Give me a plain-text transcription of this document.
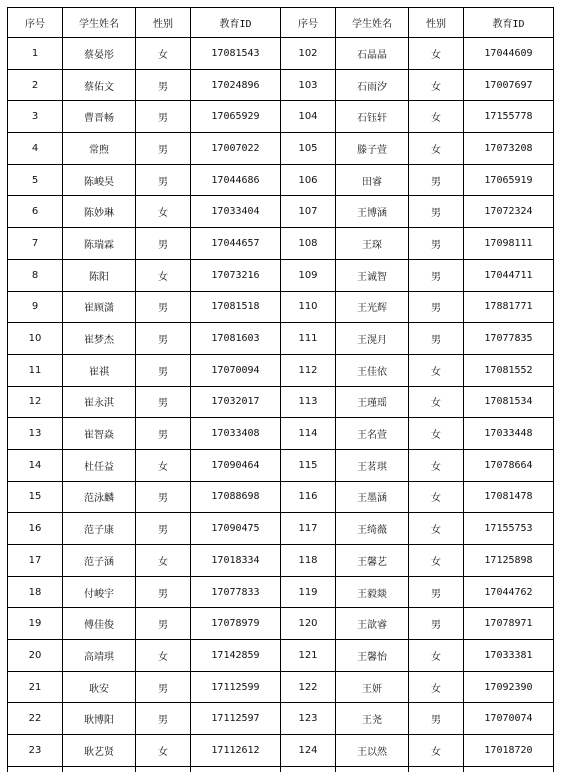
序号	学生姓名	性别	教育ID	序号	学生姓名	性别	教育ID
1	蔡晏彤	女	17081543	102	石晶晶	女	17044609
2	蔡佑文	男	17024896	103	石雨汐	女	17007697
3	曹晋畅	男	17065929	104	石钰轩	女	17155778
4	常煦	男	17007022	105	滕子萱	女	17073208
5	陈峻昊	男	17044686	106	田睿	男	17065919
6	陈妙琳	女	17033404	107	王博涵	男	17072324
7	陈瑞霖	男	17044657	108	王琛	男	17098111
8	陈阳	女	17073216	109	王诚智	男	17044711
9	崔顾潇	男	17081518	110	王光辉	男	17881771
10	崔梦杰	男	17081603	111	王滉月	男	17077835
11	崔祺	男	17070094	112	王佳依	女	17081552
12	崔永淇	男	17032017	113	王瑾瑶	女	17081534
13	崔智焱	男	17033408	114	王名萱	女	17033448
14	杜任益	女	17090464	115	王茗琪	女	17078664
15	范泳麟	男	17088698	116	王墨涵	女	17081478
16	范子康	男	17090475	117	王绮薇	女	17155753
17	范子涵	女	17018334	118	王馨艺	女	17125898
18	付峻宇	男	17077833	119	王毅燚	男	17044762
19	傅佳俊	男	17078979	120	王歆睿	男	17078971
20	高靖琪	女	17142859	121	王馨怡	女	17033381
21	耿安	男	17112599	122	王妍	女	17092390
22	耿博阳	男	17112597	123	王尧	男	17070074
23	耿艺贤	女	17112612	124	王以然	女	17018720
